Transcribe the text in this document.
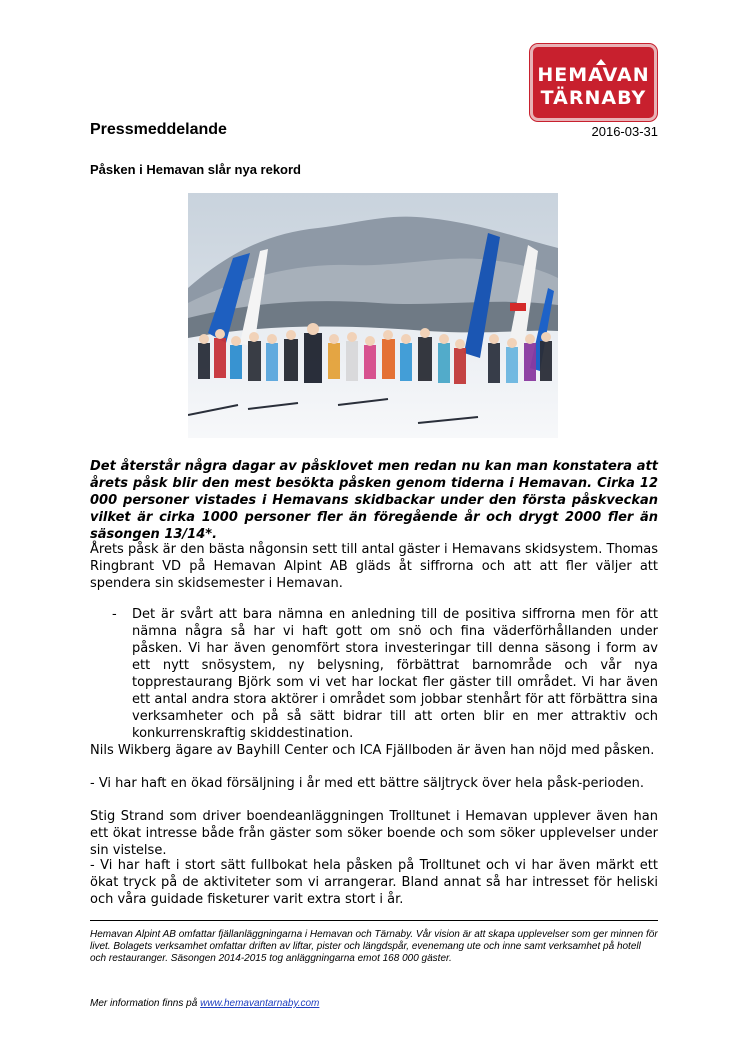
HEMAVAN
TÄRNABY
Pressmeddelande	2016-03-31
Påsken i Hemavan slår nya rekord

Det återstår några dagar av påsklovet men redan nu kan man konstatera att årets påsk blir den mest besökta påsken genom tiderna i Hemavan. Cirka 12 000 personer vistades i Hemavans skidbackar under den första påskveckan vilket är cirka 1000 personer fler än föregående år och drygt 2000 fler än säsongen 13/14*.

Årets påsk är den bästa någonsin sett till antal gäster i Hemavans skidsystem. Thomas Ringbrant VD på Hemavan Alpint AB gläds åt siffrorna och att att fler väljer att spendera sin skidsemester i Hemavan.

- Det är svårt att bara nämna en anledning till de positiva siffrorna men för att nämna några så har vi haft gott om snö och fina väderförhållanden under påsken. Vi har även genomfört stora investeringar till denna säsong i form av ett nytt snösystem, ny belysning, förbättrat barnområde och vår nya topprestaurang Björk som vi vet har lockat fler gäster till området. Vi har även ett antal andra stora aktörer i området som jobbar stenhårt för att förbättra sina verksamheter och på så sätt bidrar till att orten blir en mer attraktiv och konkurrenskraftig skiddestination.

Nils Wikberg ägare av Bayhill Center och ICA Fjällboden är även han nöjd med påsken.

- Vi har haft en ökad försäljning i år med ett bättre säljtryck över hela påsk-perioden.

Stig Strand som driver boendeanläggningen Trolltunet i Hemavan upplever även han ett ökat intresse både från gäster som söker boende och som söker upplevelser under sin vistelse.

- Vi har haft i stort sätt fullbokat hela påsken på Trolltunet och vi har även märkt ett ökat tryck på de aktiviteter som vi arrangerar. Bland annat så har intresset för heliski och våra guidade fisketurer varit extra stort i år.

Hemavan Alpint AB omfattar fjällanläggningarna i Hemavan och Tärnaby. Vår vision är att skapa upplevelser som ger minnen för livet. Bolagets verksamhet omfattar driften av liftar, pister och längdspår, evenemang ute och inne samt verksamhet på hotell och restauranger. Säsongen 2014-2015 tog anläggningarna emot 168 000 gäster.

Mer information finns på www.hemavantarnaby.com
